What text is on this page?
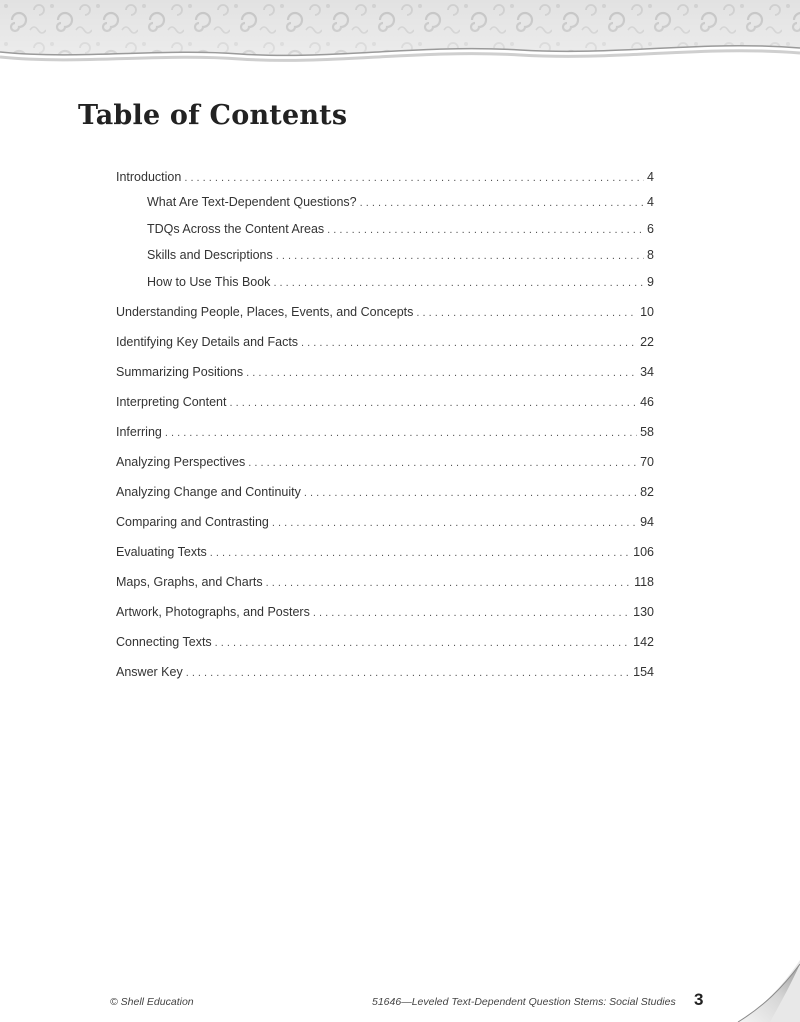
Table of Contents
Introduction . . .	4
What Are Text-Dependent Questions? . . .	4
TDQs Across the Content Areas . . .	6
Skills and Descriptions . . .	8
How to Use This Book . . .	9
Understanding People, Places, Events, and Concepts . . .	10
Identifying Key Details and Facts . . .	22
Summarizing Positions . . .	34
Interpreting Content . . .	46
Inferring . . .	58
Analyzing Perspectives . . .	70
Analyzing Change and Continuity . . .	82
Comparing and Contrasting . . .	94
Evaluating Texts . . .	106
Maps, Graphs, and Charts . . .	118
Artwork, Photographs, and Posters . . .	130
Connecting Texts . . .	142
Answer Key . . .	154
© Shell Education	51646—Leveled Text-Dependent Question Stems: Social Studies 3
